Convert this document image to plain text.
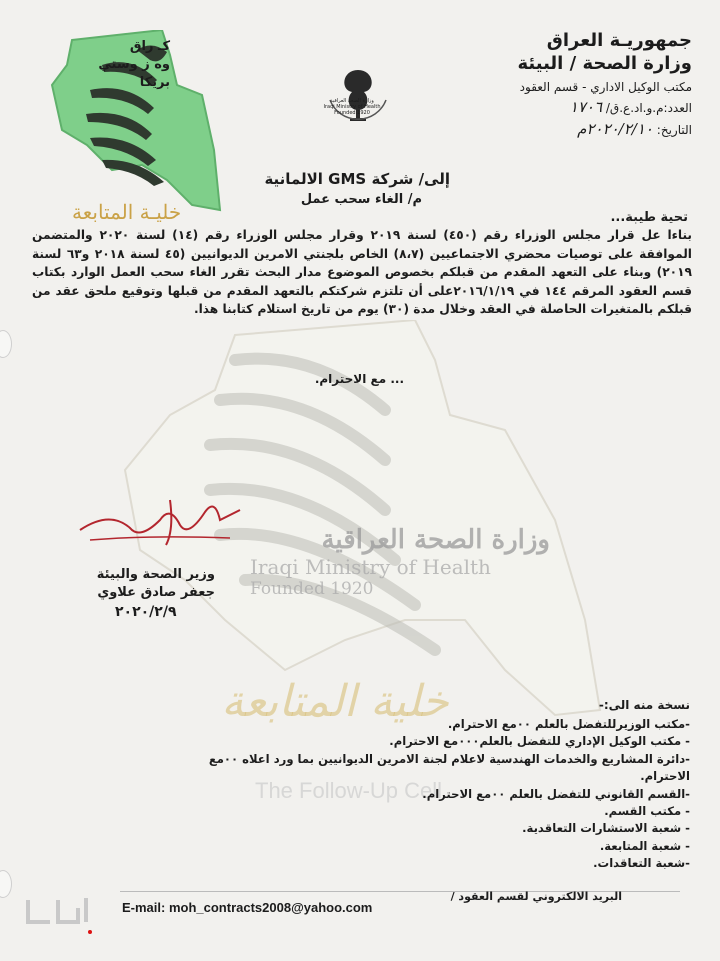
وزارة الصحة العراقية
Iraqi Ministry of Health
Founded 1920
كـ راق
وه ز وستي
بريكا
خليـة المتابعة
جمهوريـة العراق
وزارة الصحة / البيئة
مكتب الوكيل الاداري - قسم العقود
العدد:م.و.اد.ع.ق/ ١٧٠٦
التاريخ: ٢٠٢٠/٢/١٠م
وزارة الصحة العراقية
Iraqi Ministry of Health
Founded 1920
إلى/ شركة GMS الالمانية
م/ الغاء سحب عمل
تحية طيبة...
بناءا عل قرار مجلس الوزراء رقم (٤٥٠) لسنة ٢٠١٩ وقرار مجلس الوزراء رقم (١٤) لسنة ٢٠٢٠ والمتضمن الموافقة على توصيات محضري الاجتماعيين (٨،٧) الخاص بلجنتي الامرين الديوانيين (٤٥ لسنة ٢٠١٨ و٦٣ لسنة ٢٠١٩) وبناء على التعهد المقدم من قبلكم بخصوص الموضوع مدار البحث تقرر الغاء سحب العمل الوارد بكتاب قسم العقود المرقم ١٤٤ في ٢٠١٦/١/١٩على أن تلتزم شركتكم بالتعهد المقدم من قبلها وتوقيع ملحق عقد من قبلكم بالمتغيرات الحاصلة في العقد وخلال مدة (٣٠) يوم من تاريخ استلام كتابنا هذا.
... مع الاحترام.
وزير الصحة والبيئة
جعفر صادق علاوي
٢٠٢٠/٢/٩
خلية المتابعة
The Follow-Up Cell
نسخة منه الى:-
-مكتب الوزيرللتفضل بالعلم ٠٠مع الاحترام.
- مكتب الوكيل الإداري للتفضل بالعلم٠٠٠مع الاحترام.
-دائرة المشاريع والخدمات الهندسية لاعلام لجنة الامرين الديوانيين بما ورد اعلاه ٠٠مع الاحترام.
-القسم القانوني للتفضل بالعلم ٠٠مع الاحترام.
- مكتب القسم.
- شعبة الاستشارات التعاقدية.
- شعبة المتابعة.
-شعبة التعاقدات.
E-mail: moh_contracts2008@yahoo.com
البريد الالكتروني لقسم العقود /
